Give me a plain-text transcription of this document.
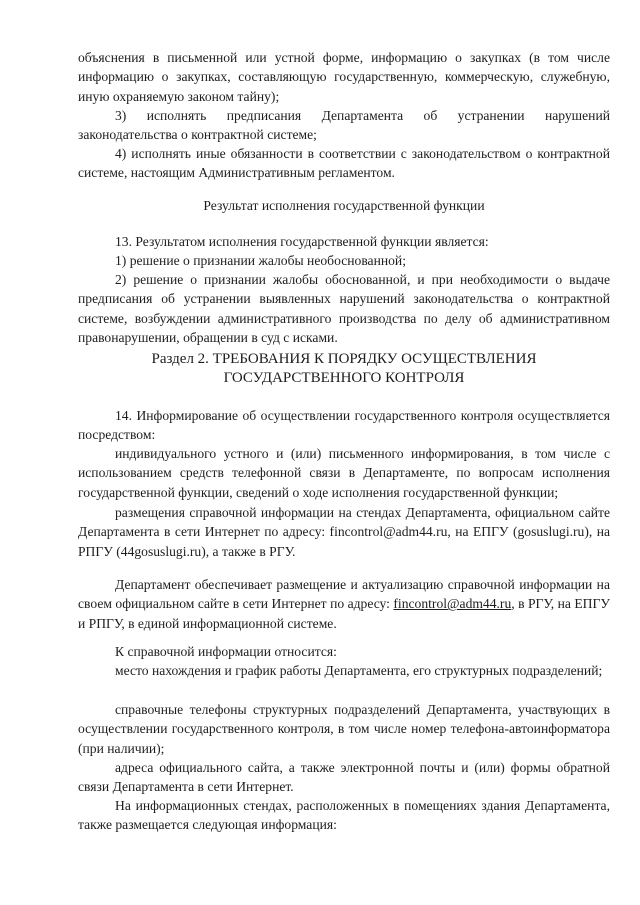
объяснения в письменной или устной форме, информацию о закупках (в том числе информацию о закупках, составляющую государственную, коммерческую, служебную, иную охраняемую законом тайну);

3) исполнять предписания Департамента об устранении нарушений законодательства о контрактной системе;

4) исполнять иные обязанности в соответствии с законодательством о контрактной системе, настоящим Административным регламентом.

Результат исполнения государственной функции

13. Результатом исполнения государственной функции является:

1) решение о признании жалобы необоснованной;

2) решение о признании жалобы обоснованной, и при необходимости о выдаче предписания об устранении выявленных нарушений законодательства о контрактной системе, возбуждении административного производства по делу об административном правонарушении, обращении в суд с исками.

Раздел 2. ТРЕБОВАНИЯ К ПОРЯДКУ ОСУЩЕСТВЛЕНИЯ

ГОСУДАРСТВЕННОГО КОНТРОЛЯ

14. Информирование об осуществлении государственного контроля осуществляется посредством:

индивидуального устного и (или) письменного информирования, в том числе с использованием средств телефонной связи в Департаменте, по вопросам исполнения государственной функции, сведений о ходе исполнения государственной функции;

размещения справочной информации на стендах Департамента, официальном сайте Департамента в сети Интернет по адресу: fincontrol@adm44.ru, на ЕПГУ (gosuslugi.ru), на РПГУ (44gosuslugi.ru), а также в РГУ.

Департамент обеспечивает размещение и актуализацию справочной информации на своем официальном сайте в сети Интернет по адресу: fincontrol@adm44.ru, в РГУ, на ЕПГУ и РПГУ, в единой информационной системе.

К справочной информации относится:

место нахождения и график работы Департамента, его структурных подразделений;

справочные телефоны структурных подразделений Департамента, участвующих в осуществлении государственного контроля, в том числе номер телефона-автоинформатора (при наличии);

адреса официального сайта, а также электронной почты и (или) формы обратной связи Департамента в сети Интернет.

На информационных стендах, расположенных в помещениях здания Департамента, также размещается следующая информация:
